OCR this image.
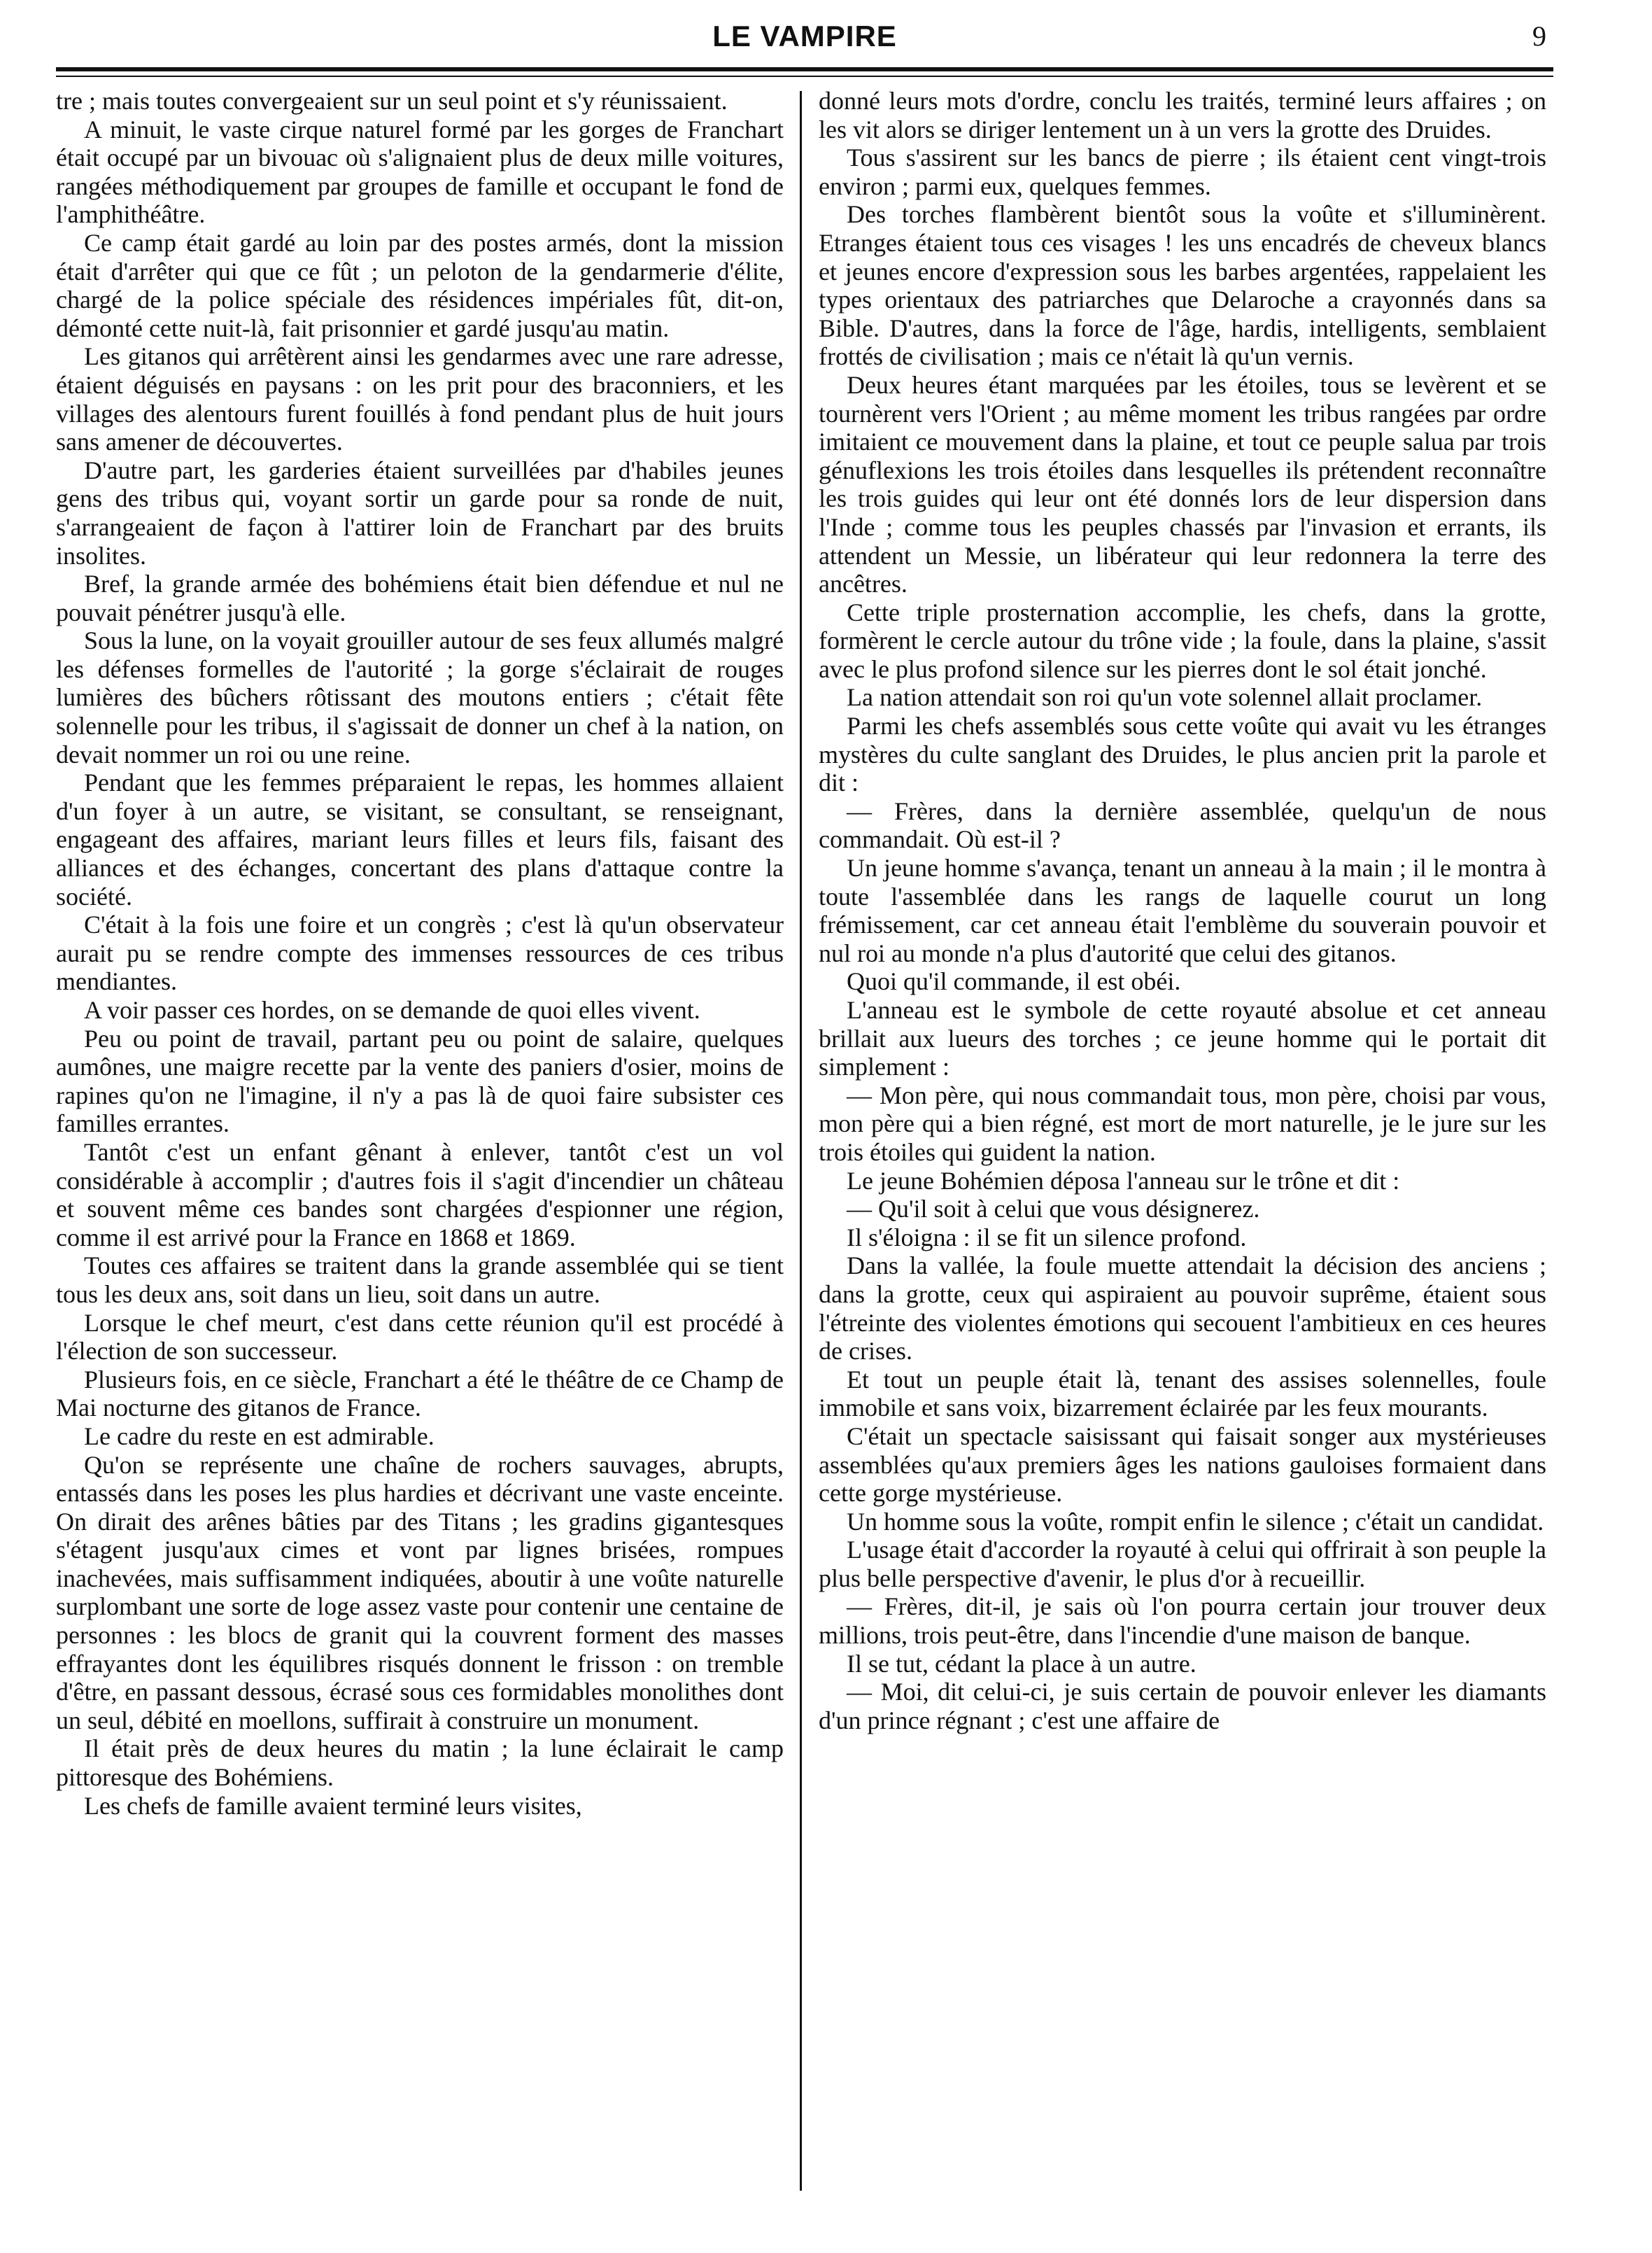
LE VAMPIRE	9

tre ; mais toutes convergeaient sur un seul point et s'y réunissaient.

A minuit, le vaste cirque naturel formé par les gorges de Franchart était occupé par un bivouac où s'alignaient plus de deux mille voitures, rangées méthodiquement par groupes de famille et occupant le fond de l'amphithéâtre.

Ce camp était gardé au loin par des postes armés, dont la mission était d'arrêter qui que ce fût ; un peloton de la gendarmerie d'élite, chargé de la police spéciale des résidences impériales fût, dit-on, démonté cette nuit-là, fait prisonnier et gardé jusqu'au matin.

Les gitanos qui arrêtèrent ainsi les gendarmes avec une rare adresse, étaient déguisés en paysans : on les prit pour des braconniers, et les villages des alentours furent fouillés à fond pendant plus de huit jours sans amener de découvertes.

D'autre part, les garderies étaient surveillées par d'habiles jeunes gens des tribus qui, voyant sortir un garde pour sa ronde de nuit, s'arrangeaient de façon à l'attirer loin de Franchart par des bruits insolites.

Bref, la grande armée des bohémiens était bien défendue et nul ne pouvait pénétrer jusqu'à elle.

Sous la lune, on la voyait grouiller autour de ses feux allumés malgré les défenses formelles de l'autorité ; la gorge s'éclairait de rouges lumières des bûchers rôtissant des moutons entiers ; c'était fête solennelle pour les tribus, il s'agissait de donner un chef à la nation, on devait nommer un roi ou une reine.

Pendant que les femmes préparaient le repas, les hommes allaient d'un foyer à un autre, se visitant, se consultant, se renseignant, engageant des affaires, mariant leurs filles et leurs fils, faisant des alliances et des échanges, concertant des plans d'attaque contre la société.

C'était à la fois une foire et un congrès ; c'est là qu'un observateur aurait pu se rendre compte des immenses ressources de ces tribus mendiantes.

A voir passer ces hordes, on se demande de quoi elles vivent.

Peu ou point de travail, partant peu ou point de salaire, quelques aumônes, une maigre recette par la vente des paniers d'osier, moins de rapines qu'on ne l'imagine, il n'y a pas là de quoi faire subsister ces familles errantes.

Tantôt c'est un enfant gênant à enlever, tantôt c'est un vol considérable à accomplir ; d'autres fois il s'agit d'incendier un château et souvent même ces bandes sont chargées d'espionner une région, comme il est arrivé pour la France en 1868 et 1869.

Toutes ces affaires se traitent dans la grande assemblée qui se tient tous les deux ans, soit dans un lieu, soit dans un autre.

Lorsque le chef meurt, c'est dans cette réunion qu'il est procédé à l'élection de son successeur.

Plusieurs fois, en ce siècle, Franchart a été le théâtre de ce Champ de Mai nocturne des gitanos de France.

Le cadre du reste en est admirable.

Qu'on se représente une chaîne de rochers sauvages, abrupts, entassés dans les poses les plus hardies et décrivant une vaste enceinte. On dirait des arênes bâties par des Titans ; les gradins gigantesques s'étagent jusqu'aux cimes et vont par lignes brisées, rompues inachevées, mais suffisamment indiquées, aboutir à une voûte naturelle surplombant une sorte de loge assez vaste pour contenir une centaine de personnes : les blocs de granit qui la couvrent forment des masses effrayantes dont les équilibres risqués donnent le frisson : on tremble d'être, en passant dessous, écrasé sous ces formidables monolithes dont un seul, débité en moellons, suffirait à construire un monument.

Il était près de deux heures du matin ; la lune éclairait le camp pittoresque des Bohémiens.

Les chefs de famille avaient terminé leurs visites,

donné leurs mots d'ordre, conclu les traités, terminé leurs affaires ; on les vit alors se diriger lentement un à un vers la grotte des Druides.

Tous s'assirent sur les bancs de pierre ; ils étaient cent vingt-trois environ ; parmi eux, quelques femmes.

Des torches flambèrent bientôt sous la voûte et s'illuminèrent. Etranges étaient tous ces visages ! les uns encadrés de cheveux blancs et jeunes encore d'expression sous les barbes argentées, rappelaient les types orientaux des patriarches que Delaroche a crayonnés dans sa Bible. D'autres, dans la force de l'âge, hardis, intelligents, semblaient frottés de civilisation ; mais ce n'était là qu'un vernis.

Deux heures étant marquées par les étoiles, tous se levèrent et se tournèrent vers l'Orient ; au même moment les tribus rangées par ordre imitaient ce mouvement dans la plaine, et tout ce peuple salua par trois génuflexions les trois étoiles dans lesquelles ils prétendent reconnaître les trois guides qui leur ont été donnés lors de leur dispersion dans l'Inde ; comme tous les peuples chassés par l'invasion et errants, ils attendent un Messie, un libérateur qui leur redonnera la terre des ancêtres.

Cette triple prosternation accomplie, les chefs, dans la grotte, formèrent le cercle autour du trône vide ; la foule, dans la plaine, s'assit avec le plus profond silence sur les pierres dont le sol était jonché.

La nation attendait son roi qu'un vote solennel allait proclamer.

Parmi les chefs assemblés sous cette voûte qui avait vu les étranges mystères du culte sanglant des Druides, le plus ancien prit la parole et dit :

— Frères, dans la dernière assemblée, quelqu'un de nous commandait. Où est-il ?

Un jeune homme s'avança, tenant un anneau à la main ; il le montra à toute l'assemblée dans les rangs de laquelle courut un long frémissement, car cet anneau était l'emblème du souverain pouvoir et nul roi au monde n'a plus d'autorité que celui des gitanos.

Quoi qu'il commande, il est obéi.

L'anneau est le symbole de cette royauté absolue et cet anneau brillait aux lueurs des torches ; ce jeune homme qui le portait dit simplement :

— Mon père, qui nous commandait tous, mon père, choisi par vous, mon père qui a bien régné, est mort de mort naturelle, je le jure sur les trois étoiles qui guident la nation.

Le jeune Bohémien déposa l'anneau sur le trône et dit :

— Qu'il soit à celui que vous désignerez.

Il s'éloigna : il se fit un silence profond.

Dans la vallée, la foule muette attendait la décision des anciens ; dans la grotte, ceux qui aspiraient au pouvoir suprême, étaient sous l'étreinte des violentes émotions qui secouent l'ambitieux en ces heures de crises.

Et tout un peuple était là, tenant des assises solennelles, foule immobile et sans voix, bizarrement éclairée par les feux mourants.

C'était un spectacle saisissant qui faisait songer aux mystérieuses assemblées qu'aux premiers âges les nations gauloises formaient dans cette gorge mystérieuse.

Un homme sous la voûte, rompit enfin le silence ; c'était un candidat.

L'usage était d'accorder la royauté à celui qui offrirait à son peuple la plus belle perspective d'avenir, le plus d'or à recueillir.

— Frères, dit-il, je sais où l'on pourra certain jour trouver deux millions, trois peut-être, dans l'incendie d'une maison de banque.

Il se tut, cédant la place à un autre.

— Moi, dit celui-ci, je suis certain de pouvoir enlever les diamants d'un prince régnant ; c'est une affaire de
